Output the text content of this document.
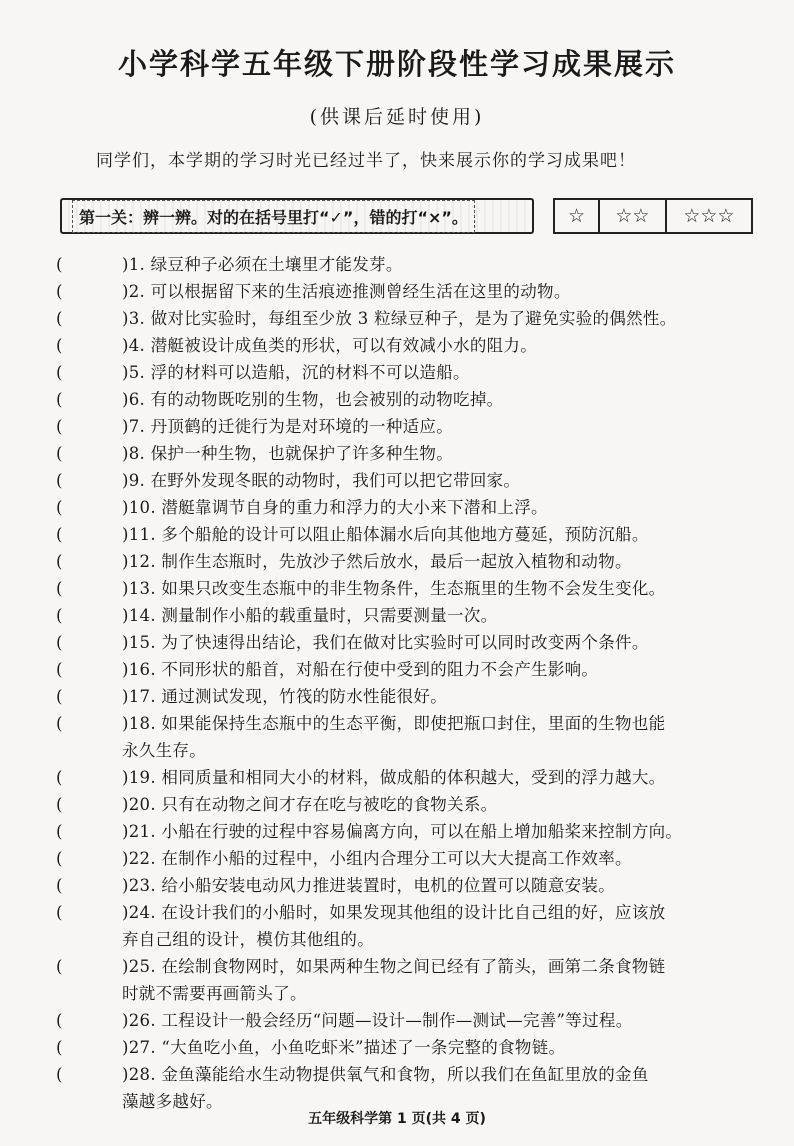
小学科学五年级下册阶段性学习成果展示
(供课后延时使用)
同学们，本学期的学习时光已经过半了，快来展示你的学习成果吧！
第一关：辨一辨。对的在括号里打“✓”，错的打“×”。	☆	☆☆	☆☆☆
(	)1. 绿豆种子必须在土壤里才能发芽。
(	)2. 可以根据留下来的生活痕迹推测曾经生活在这里的动物。
(	)3. 做对比实验时，每组至少放 3 粒绿豆种子，是为了避免实验的偶然性。
(	)4. 潜艇被设计成鱼类的形状，可以有效减小水的阻力。
(	)5. 浮的材料可以造船，沉的材料不可以造船。
(	)6. 有的动物既吃别的生物，也会被别的动物吃掉。
(	)7. 丹顶鹤的迁徙行为是对环境的一种适应。
(	)8. 保护一种生物，也就保护了许多种生物。
(	)9. 在野外发现冬眠的动物时，我们可以把它带回家。
(	)10. 潜艇靠调节自身的重力和浮力的大小来下潜和上浮。
(	)11. 多个船舱的设计可以阻止船体漏水后向其他地方蔓延，预防沉船。
(	)12. 制作生态瓶时，先放沙子然后放水，最后一起放入植物和动物。
(	)13. 如果只改变生态瓶中的非生物条件，生态瓶里的生物不会发生变化。
(	)14. 测量制作小船的载重量时，只需要测量一次。
(	)15. 为了快速得出结论，我们在做对比实验时可以同时改变两个条件。
(	)16. 不同形状的船首，对船在行使中受到的阻力不会产生影响。
(	)17. 通过测试发现，竹筏的防水性能很好。
(	)18. 如果能保持生态瓶中的生态平衡，即使把瓶口封住，里面的生物也能
永久生存。
(	)19. 相同质量和相同大小的材料，做成船的体积越大，受到的浮力越大。
(	)20. 只有在动物之间才存在吃与被吃的食物关系。
(	)21. 小船在行驶的过程中容易偏离方向，可以在船上增加船桨来控制方向。
(	)22. 在制作小船的过程中，小组内合理分工可以大大提高工作效率。
(	)23. 给小船安装电动风力推进装置时，电机的位置可以随意安装。
(	)24. 在设计我们的小船时，如果发现其他组的设计比自己组的好，应该放
弃自己组的设计，模仿其他组的。
(	)25. 在绘制食物网时，如果两种生物之间已经有了箭头，画第二条食物链
时就不需要再画箭头了。
(	)26. 工程设计一般会经历“问题—设计—制作—测试—完善”等过程。
(	)27. “大鱼吃小鱼，小鱼吃虾米”描述了一条完整的食物链。
(	)28. 金鱼藻能给水生动物提供氧气和食物，所以我们在鱼缸里放的金鱼
藻越多越好。
五年级科学第 1 页(共 4 页)
